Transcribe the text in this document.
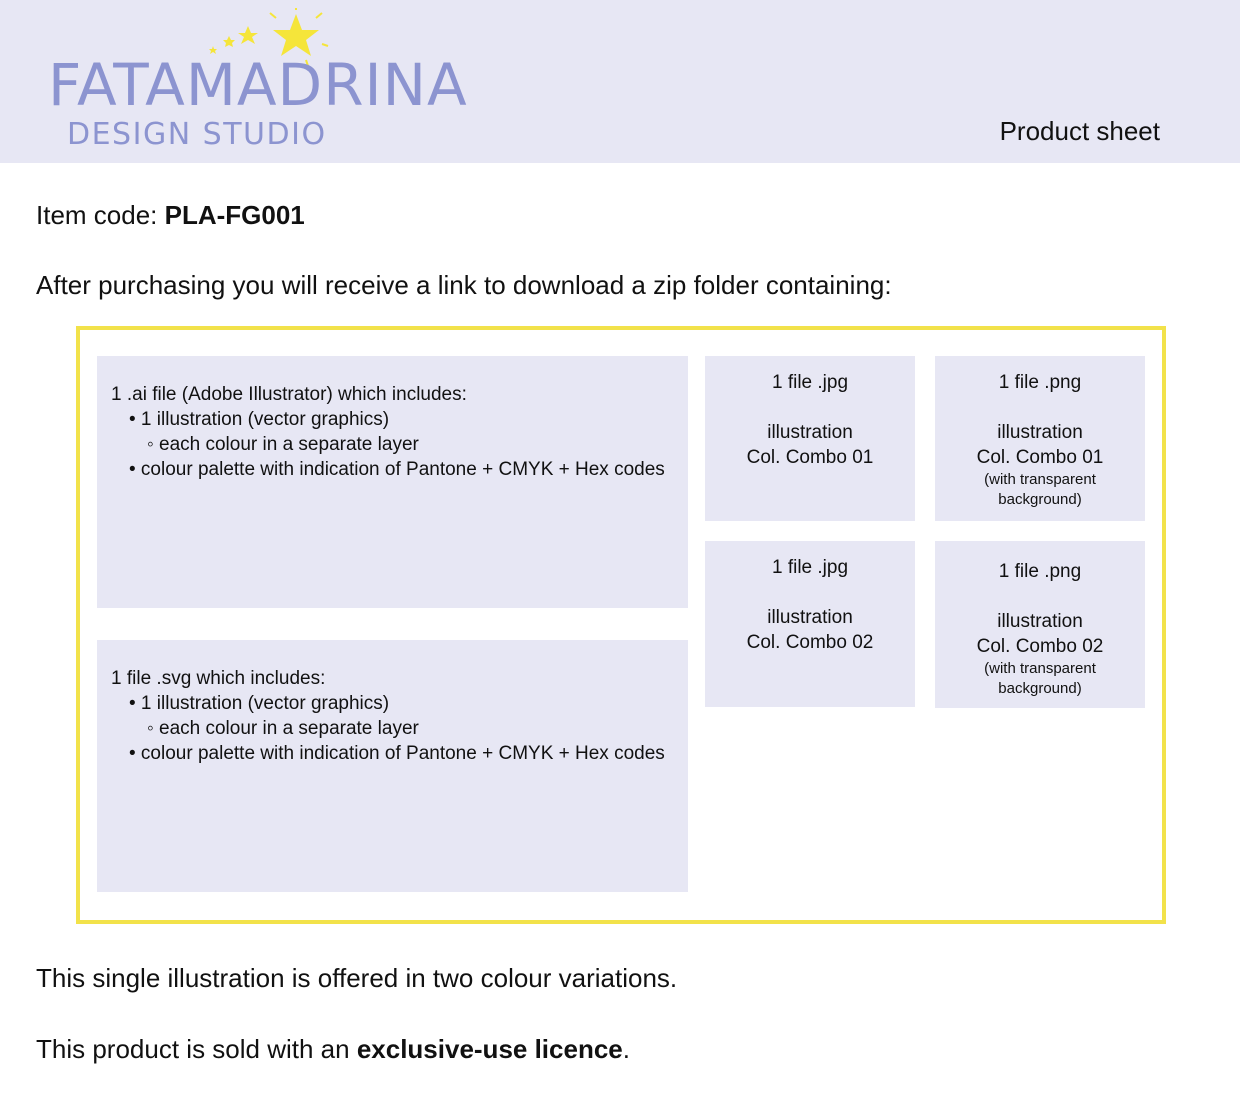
FATAMADRINA
DESIGN STUDIO	Product sheet
Item code: PLA-FG001
After purchasing you will receive a link to download a zip folder containing:
1 .ai file (Adobe Illustrator) which includes:
• 1 illustration (vector graphics)
◦ each colour in a separate layer
• colour palette with indication of Pantone + CMYK + Hex codes
1 file .svg which includes:
• 1 illustration (vector graphics)
◦ each colour in a separate layer
• colour palette with indication of Pantone + CMYK + Hex codes
1 file .jpg
illustration
Col. Combo 01
1 file .png
illustration
Col. Combo 01
(with transparent
background)
1 file .jpg
illustration
Col. Combo 02
1 file .png
illustration
Col. Combo 02
(with transparent
background)
This single illustration is offered in two colour variations.
This product is sold with an exclusive-use licence.
